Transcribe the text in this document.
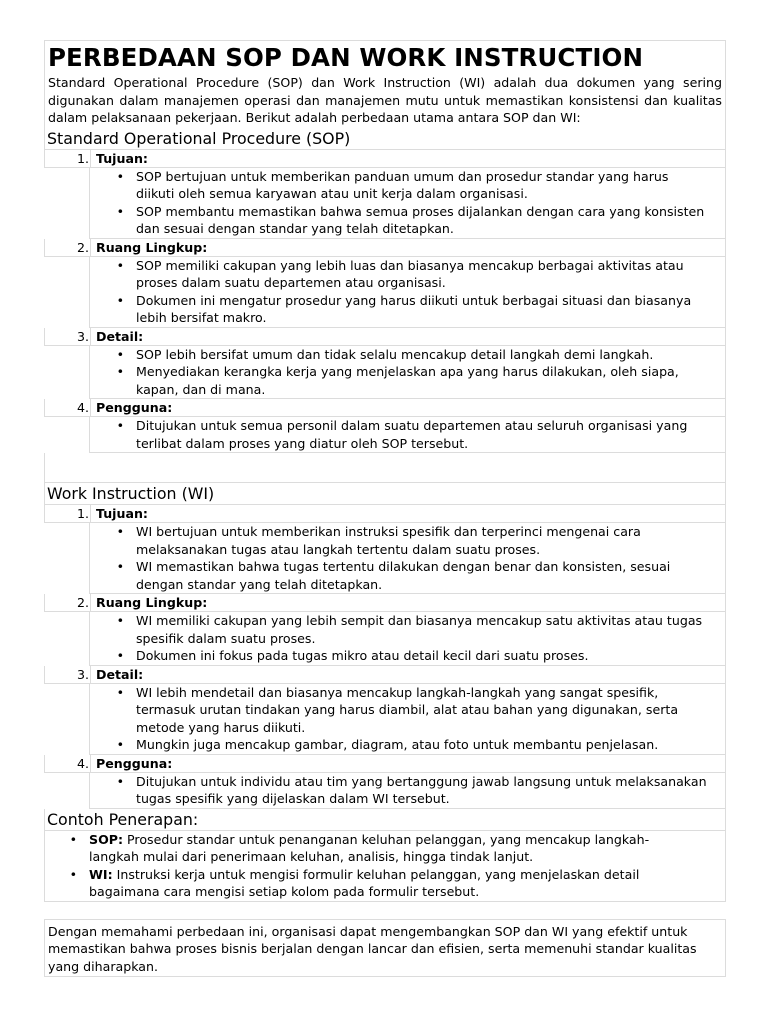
PERBEDAAN SOP DAN WORK INSTRUCTION
Standard Operational Procedure (SOP) dan Work Instruction (WI) adalah dua dokumen yang sering digunakan dalam manajemen operasi dan manajemen mutu untuk memastikan konsistensi dan kualitas dalam pelaksanaan pekerjaan. Berikut adalah perbedaan utama antara SOP dan WI:
Standard Operational Procedure (SOP)
1. Tujuan:
• SOP bertujuan untuk memberikan panduan umum dan prosedur standar yang harus diikuti oleh semua karyawan atau unit kerja dalam organisasi.
• SOP membantu memastikan bahwa semua proses dijalankan dengan cara yang konsisten dan sesuai dengan standar yang telah ditetapkan.
2. Ruang Lingkup:
• SOP memiliki cakupan yang lebih luas dan biasanya mencakup berbagai aktivitas atau proses dalam suatu departemen atau organisasi.
• Dokumen ini mengatur prosedur yang harus diikuti untuk berbagai situasi dan biasanya lebih bersifat makro.
3. Detail:
• SOP lebih bersifat umum dan tidak selalu mencakup detail langkah demi langkah.
• Menyediakan kerangka kerja yang menjelaskan apa yang harus dilakukan, oleh siapa, kapan, dan di mana.
4. Pengguna:
• Ditujukan untuk semua personil dalam suatu departemen atau seluruh organisasi yang terlibat dalam proses yang diatur oleh SOP tersebut.
Work Instruction (WI)
1. Tujuan:
• WI bertujuan untuk memberikan instruksi spesifik dan terperinci mengenai cara melaksanakan tugas atau langkah tertentu dalam suatu proses.
• WI memastikan bahwa tugas tertentu dilakukan dengan benar dan konsisten, sesuai dengan standar yang telah ditetapkan.
2. Ruang Lingkup:
• WI memiliki cakupan yang lebih sempit dan biasanya mencakup satu aktivitas atau tugas spesifik dalam suatu proses.
• Dokumen ini fokus pada tugas mikro atau detail kecil dari suatu proses.
3. Detail:
• WI lebih mendetail dan biasanya mencakup langkah-langkah yang sangat spesifik, termasuk urutan tindakan yang harus diambil, alat atau bahan yang digunakan, serta metode yang harus diikuti.
• Mungkin juga mencakup gambar, diagram, atau foto untuk membantu penjelasan.
4. Pengguna:
• Ditujukan untuk individu atau tim yang bertanggung jawab langsung untuk melaksanakan tugas spesifik yang dijelaskan dalam WI tersebut.
Contoh Penerapan:
• SOP: Prosedur standar untuk penanganan keluhan pelanggan, yang mencakup langkah-langkah mulai dari penerimaan keluhan, analisis, hingga tindak lanjut.
• WI: Instruksi kerja untuk mengisi formulir keluhan pelanggan, yang menjelaskan detail bagaimana cara mengisi setiap kolom pada formulir tersebut.
Dengan memahami perbedaan ini, organisasi dapat mengembangkan SOP dan WI yang efektif untuk memastikan bahwa proses bisnis berjalan dengan lancar dan efisien, serta memenuhi standar kualitas yang diharapkan.
